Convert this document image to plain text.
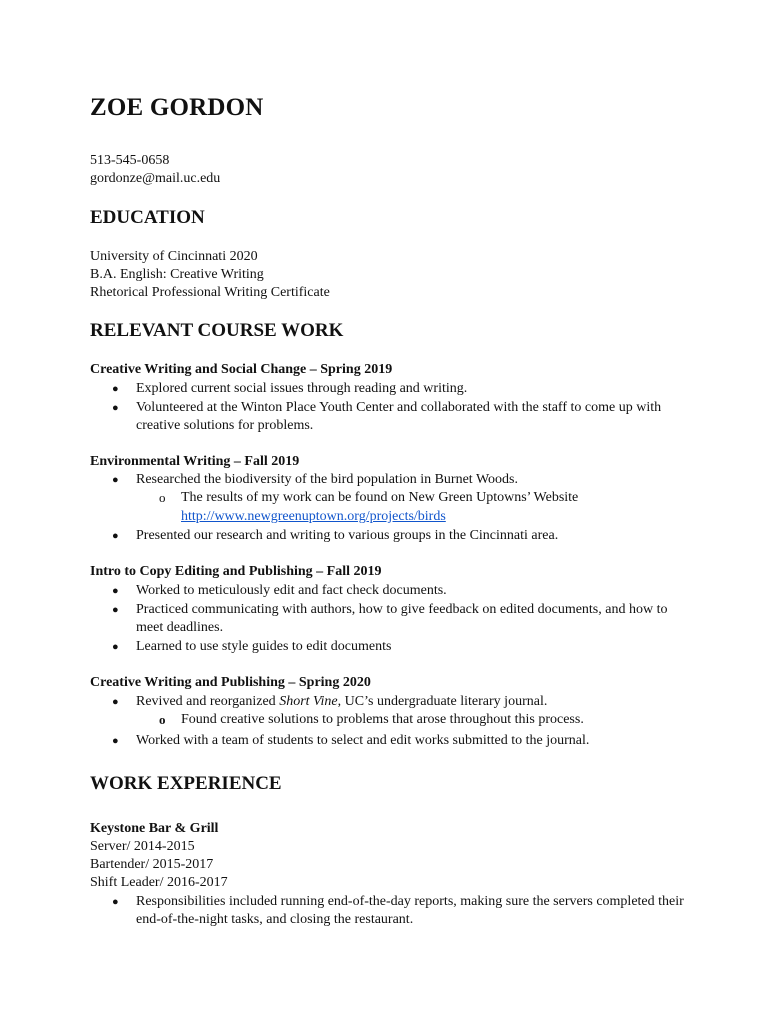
ZOE GORDON
513-545-0658
gordonze@mail.uc.edu
EDUCATION
University of Cincinnati 2020
B.A. English: Creative Writing
Rhetorical Professional Writing Certificate
RELEVANT COURSE WORK
Creative Writing and Social Change – Spring 2019
● Explored current social issues through reading and writing.
● Volunteered at the Winton Place Youth Center and collaborated with the staff to come up with creative solutions for problems.
Environmental Writing – Fall 2019
● Researched the biodiversity of the bird population in Burnet Woods.
o The results of my work can be found on New Green Uptowns’ Website
http://www.newgreenuptown.org/projects/birds
● Presented our research and writing to various groups in the Cincinnati area.
Intro to Copy Editing and Publishing – Fall 2019
● Worked to meticulously edit and fact check documents.
● Practiced communicating with authors, how to give feedback on edited documents, and how to meet deadlines.
● Learned to use style guides to edit documents
Creative Writing and Publishing – Spring 2020
● Revived and reorganized Short Vine, UC’s undergraduate literary journal.
o Found creative solutions to problems that arose throughout this process.
● Worked with a team of students to select and edit works submitted to the journal.
WORK EXPERIENCE
Keystone Bar & Grill
Server/ 2014-2015
Bartender/ 2015-2017
Shift Leader/ 2016-2017
● Responsibilities included running end-of-the-day reports, making sure the servers completed their end-of-the-night tasks, and closing the restaurant.
